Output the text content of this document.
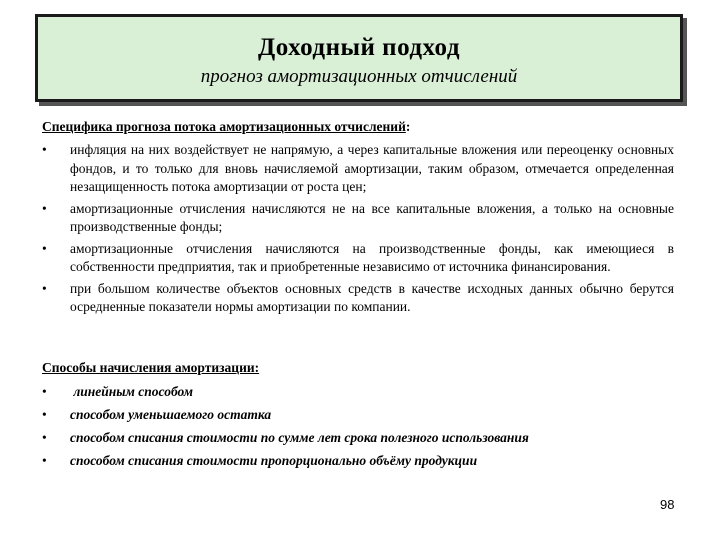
Доходный подход
прогноз амортизационных отчислений
Специфика прогноза потока амортизационных отчислений:
• инфляция на них воздействует не напрямую, а через капитальные вложения или переоценку основных фондов, и то только для вновь начисляемой амортизации, таким образом, отмечается определенная незащищенность потока амортизации от роста цен;
• амортизационные отчисления начисляются не на все капитальные вложения, а только на основные производственные фонды;
• амортизационные отчисления начисляются на производственные фонды, как имеющиеся в собственности предприятия, так и приобретенные независимо от источника финансирования.
• при большом количестве объектов основных средств в качестве исходных данных обычно берутся осредненные показатели нормы амортизации по компании.
Способы начисления амортизации:
• линейным способом
• способом уменьшаемого остатка
• способом списания стоимости по сумме лет срока полезного использования
• способом списания стоимости пропорционально объёму продукции
98
